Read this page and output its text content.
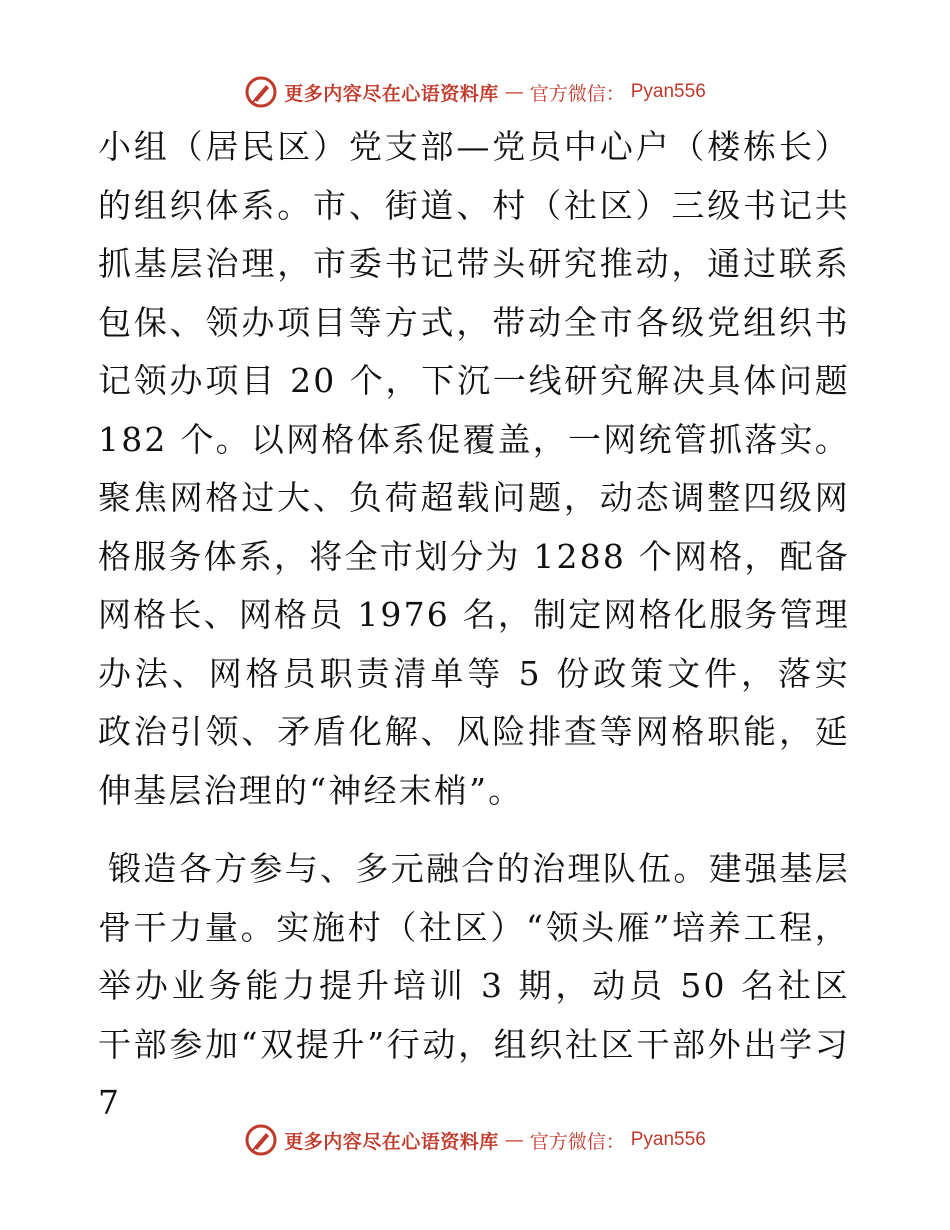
更多内容尽在心语资料库 — 官方微信： Pyan556

小组（居民区）党支部—党员中心户（楼栋长）的组织体系。市、街道、村（社区）三级书记共抓基层治理，市委书记带头研究推动，通过联系包保、领办项目等方式，带动全市各级党组织书记领办项目 20 个，下沉一线研究解决具体问题 182 个。以网格体系促覆盖，一网统管抓落实。聚焦网格过大、负荷超载问题，动态调整四级网格服务体系，将全市划分为 1288 个网格，配备网格长、网格员 1976 名，制定网格化服务管理办法、网格员职责清单等 5 份政策文件，落实政治引领、矛盾化解、风险排查等网格职能，延伸基层治理的“神经末梢”。

锻造各方参与、多元融合的治理队伍。建强基层骨干力量。实施村（社区）“领头雁”培养工程，举办业务能力提升培训 3 期，动员 50 名社区干部参加“双提升”行动，组织社区干部外出学习 7

更多内容尽在心语资料库 — 官方微信： Pyan556
